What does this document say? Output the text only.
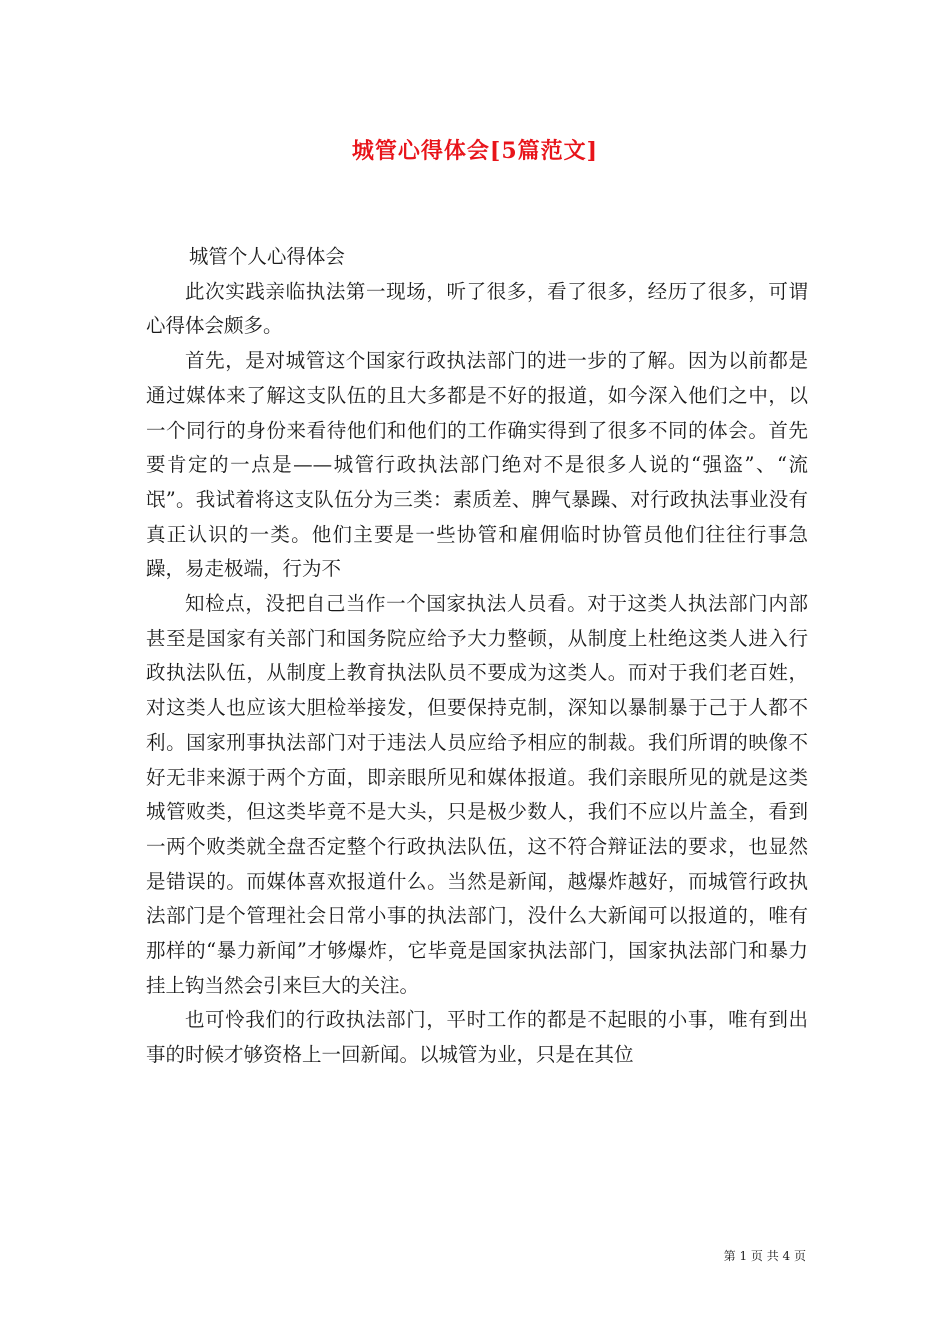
城管心得体会[5篇范文]

城管个人心得体会

此次实践亲临执法第一现场，听了很多，看了很多，经历了很多，可谓心得体会颇多。

首先，是对城管这个国家行政执法部门的进一步的了解。因为以前都是通过媒体来了解这支队伍的且大多都是不好的报道，如今深入他们之中，以一个同行的身份来看待他们和他们的工作确实得到了很多不同的体会。首先要肯定的一点是——城管行政执法部门绝对不是很多人说的“强盗”、“流氓”。我试着将这支队伍分为三类：素质差、脾气暴躁、对行政执法事业没有真正认识的一类。他们主要是一些协管和雇佣临时协管员他们往往行事急躁，易走极端，行为不

知检点，没把自己当作一个国家执法人员看。对于这类人执法部门内部甚至是国家有关部门和国务院应给予大力整顿，从制度上杜绝这类人进入行政执法队伍，从制度上教育执法队员不要成为这类人。而对于我们老百姓，对这类人也应该大胆检举接发，但要保持克制，深知以暴制暴于己于人都不利。国家刑事执法部门对于违法人员应给予相应的制裁。我们所谓的映像不好无非来源于两个方面，即亲眼所见和媒体报道。我们亲眼所见的就是这类城管败类，但这类毕竟不是大头，只是极少数人，我们不应以片盖全，看到一两个败类就全盘否定整个行政执法队伍，这不符合辩证法的要求，也显然是错误的。而媒体喜欢报道什么。当然是新闻，越爆炸越好，而城管行政执法部门是个管理社会日常小事的执法部门，没什么大新闻可以报道的，唯有那样的“暴力新闻”才够爆炸，它毕竟是国家执法部门，国家执法部门和暴力挂上钩当然会引来巨大的关注。

也可怜我们的行政执法部门，平时工作的都是不起眼的小事，唯有到出事的时候才够资格上一回新闻。以城管为业，只是在其位

第 1 页 共 4 页
